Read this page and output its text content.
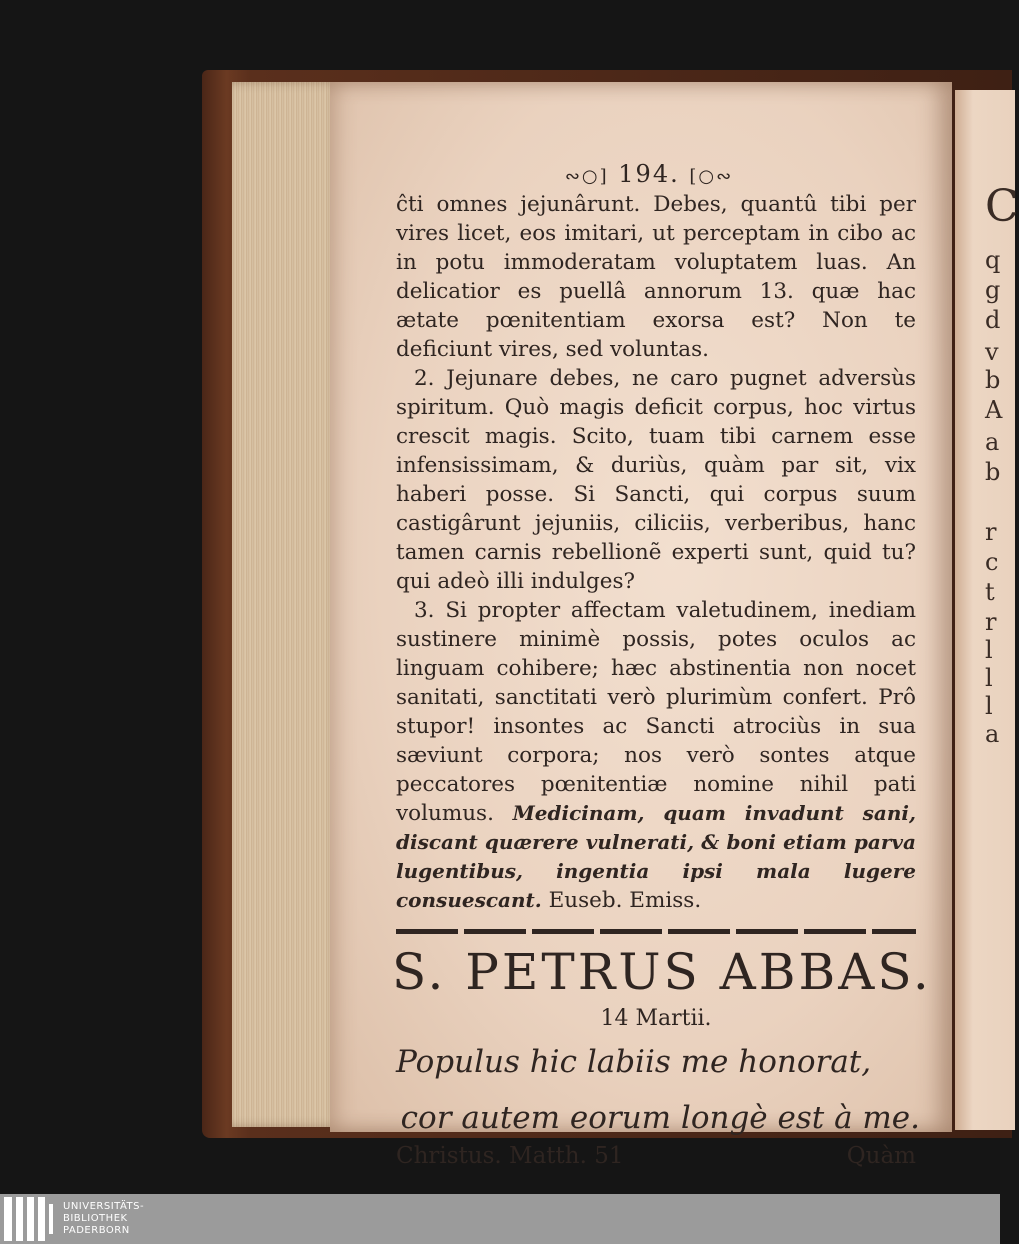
C
q
g
d
v
b
A
a
b
r
c
t
r
l
l
l
a
∾○] 194. [○∾

ĉti omnes jejunârunt. Debes, quantû tibi per vires licet, eos imitari, ut perceptam in cibo ac in potu immoderatam voluptatem luas. An delicatior es puellâ annorum 13. quæ hac ætate pœnitentiam exorsa est? Non te deficiunt vires, sed voluntas.

2. Jejunare debes, ne caro pugnet adversùs spiritum. Quò magis deficit corpus, hoc virtus crescit magis. Scito, tuam tibi carnem esse infensissimam, & duriùs, quàm par sit, vix haberi posse. Si Sancti, qui corpus suum castigârunt jejuniis, ciliciis, verberibus, hanc tamen carnis rebellionẽ experti sunt, quid tu? qui adeò illi indulges?

3. Si propter affectam valetudinem, inediam sustinere minimè possis, potes oculos ac linguam cohibere; hæc abstinentia non nocet sanitati, sanctitati verò plurimùm confert. Prô stupor! insontes ac Sancti atrociùs in sua sæviunt corpora; nos verò sontes atque peccatores pœnitentiæ nomine nihil pati volumus. Medicinam, quam invadunt sani, discant quærere vulnerati, & boni etiam parva lugentibus, ingentia ipsi mala lugere consuescant. Euseb. Emiss.

S. PETRUS ABBAS.
14 Martii.
Populus hic labiis me honorat,
cor autem eorum longè est à me.
Christus. Matth. 51	Quàm
UNIVERSITÄTS-
BIBLIOTHEK
PADERBORN
